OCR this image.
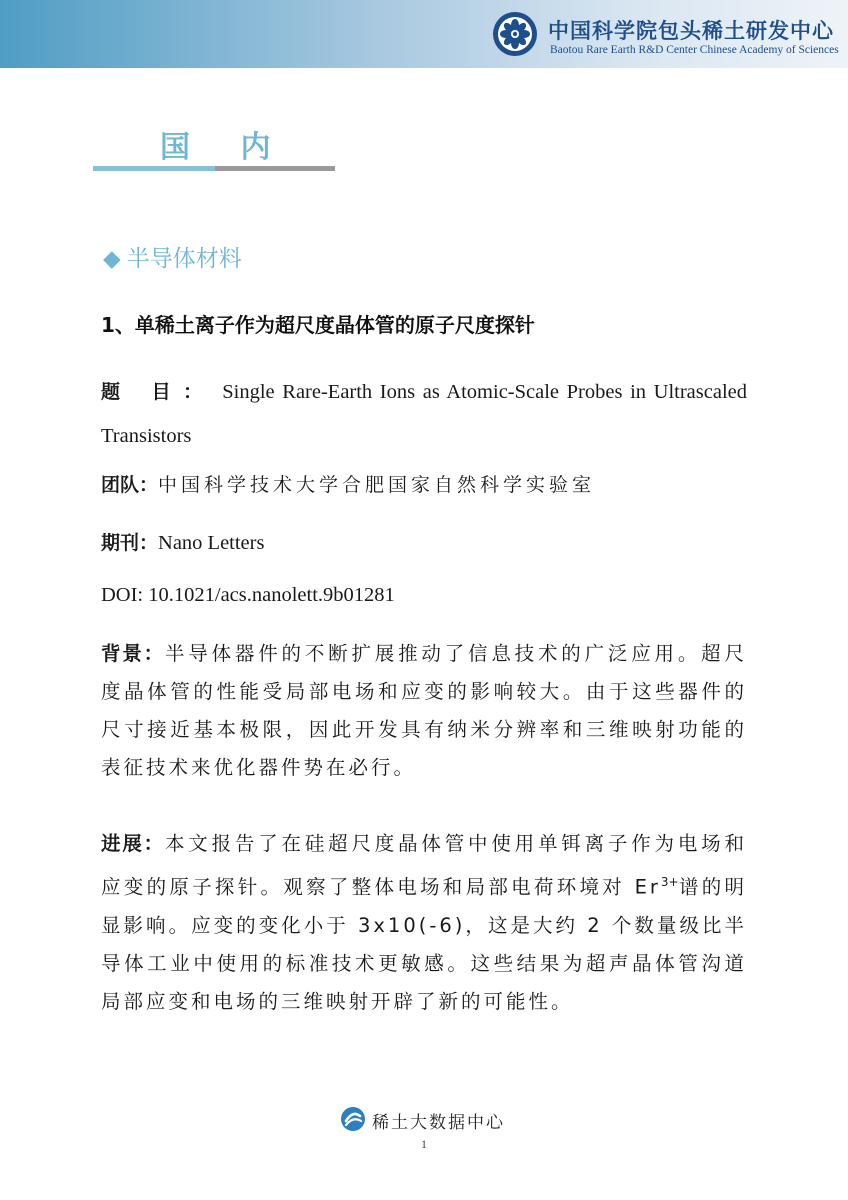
中国科学院包头稀土研发中心
Baotou Rare Earth R&D Center Chinese Academy of Sciences
国 内
◆ 半导体材料
1、单稀土离子作为超尺度晶体管的原子尺度探针
题 目： Single Rare-Earth Ions as Atomic-Scale Probes in Ultrascaled Transistors
团队：中国科学技术大学合肥国家自然科学实验室
期刊：Nano Letters
DOI: 10.1021/acs.nanolett.9b01281
背景：半导体器件的不断扩展推动了信息技术的广泛应用。超尺度晶体管的性能受局部电场和应变的影响较大。由于这些器件的尺寸接近基本极限，因此开发具有纳米分辨率和三维映射功能的表征技术来优化器件势在必行。
进展：本文报告了在硅超尺度晶体管中使用单铒离子作为电场和应变的原子探针。观察了整体电场和局部电荷环境对 $Er^{3+}$谱的明显影响。应变的变化小于 3x10(-6)，这是大约 2 个数量级比半导体工业中使用的标准技术更敏感。这些结果为超声晶体管沟道局部应变和电场的三维映射开辟了新的可能性。
稀土大数据中心
1
